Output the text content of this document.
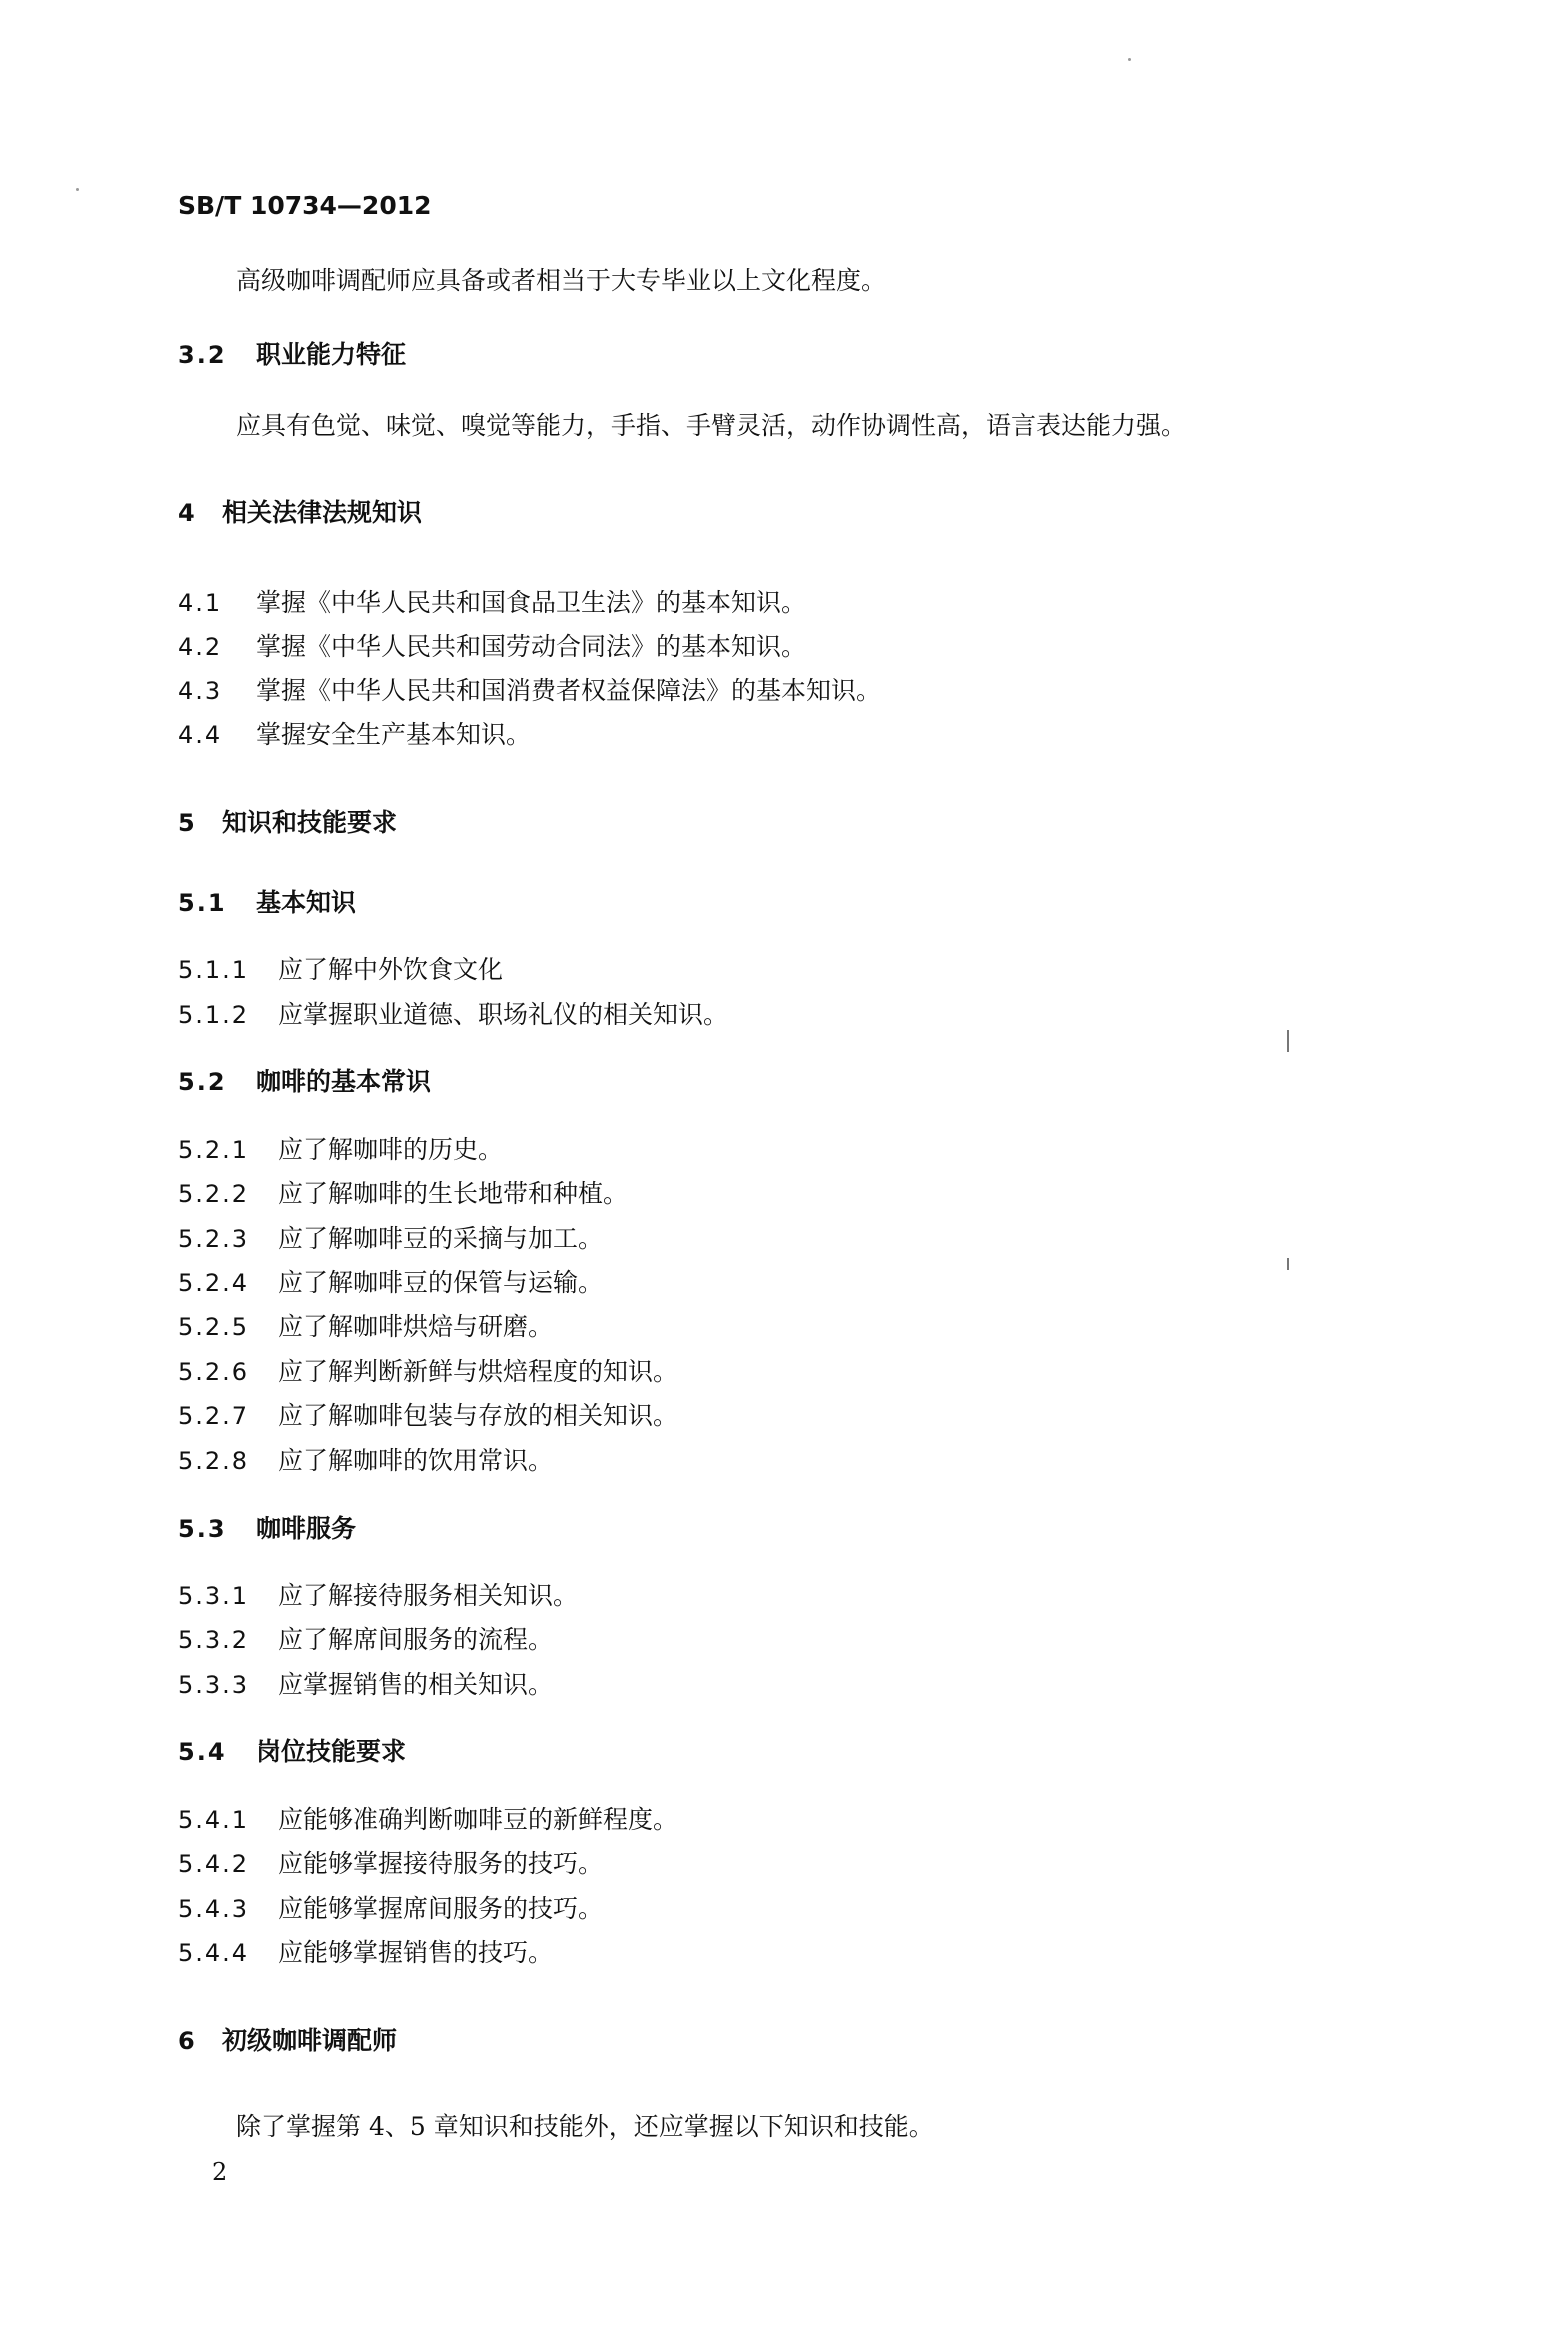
SB/T 10734—2012
高级咖啡调配师应具备或者相当于大专毕业以上文化程度。
3.2 职业能力特征
应具有色觉、味觉、嗅觉等能力，手指、手臂灵活，动作协调性高，语言表达能力强。
4 相关法律法规知识
4.1 掌握《中华人民共和国食品卫生法》的基本知识。
4.2 掌握《中华人民共和国劳动合同法》的基本知识。
4.3 掌握《中华人民共和国消费者权益保障法》的基本知识。
4.4 掌握安全生产基本知识。
5 知识和技能要求
5.1 基本知识
5.1.1 应了解中外饮食文化
5.1.2 应掌握职业道德、职场礼仪的相关知识。
5.2 咖啡的基本常识
5.2.1 应了解咖啡的历史。
5.2.2 应了解咖啡的生长地带和种植。
5.2.3 应了解咖啡豆的采摘与加工。
5.2.4 应了解咖啡豆的保管与运输。
5.2.5 应了解咖啡烘焙与研磨。
5.2.6 应了解判断新鲜与烘焙程度的知识。
5.2.7 应了解咖啡包装与存放的相关知识。
5.2.8 应了解咖啡的饮用常识。
5.3 咖啡服务
5.3.1 应了解接待服务相关知识。
5.3.2 应了解席间服务的流程。
5.3.3 应掌握销售的相关知识。
5.4 岗位技能要求
5.4.1 应能够准确判断咖啡豆的新鲜程度。
5.4.2 应能够掌握接待服务的技巧。
5.4.3 应能够掌握席间服务的技巧。
5.4.4 应能够掌握销售的技巧。
6 初级咖啡调配师
除了掌握第 4、5 章知识和技能外，还应掌握以下知识和技能。
2
